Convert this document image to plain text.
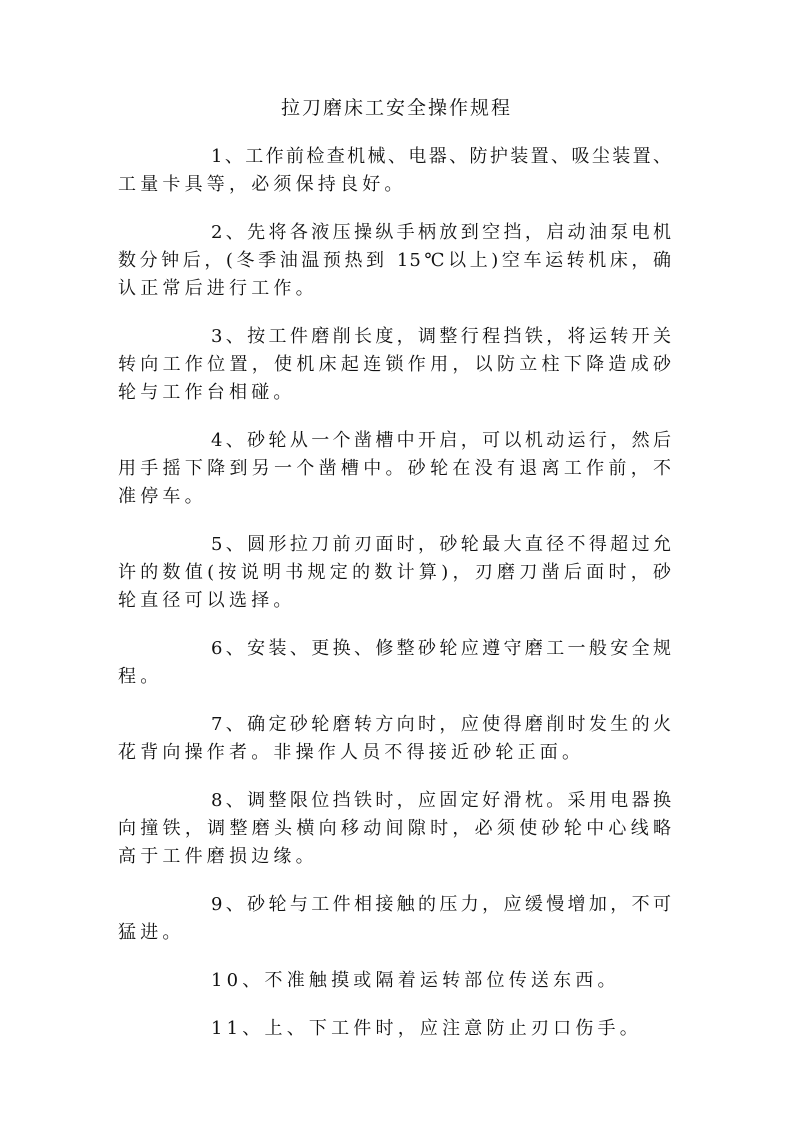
拉刀磨床工安全操作规程
1、工作前检查机械、电器、防护装置、吸尘装置、
工量卡具等，必须保持良好。
2、先将各液压操纵手柄放到空挡，启动油泵电机
数分钟后，(冬季油温预热到 15℃以上)空车运转机床，确
认正常后进行工作。
3、按工件磨削长度，调整行程挡铁，将运转开关
转向工作位置，使机床起连锁作用，以防立柱下降造成砂
轮与工作台相碰。
4、砂轮从一个凿槽中开启，可以机动运行，然后
用手摇下降到另一个凿槽中。砂轮在没有退离工作前，不
准停车。
5、圆形拉刀前刃面时，砂轮最大直径不得超过允
许的数值(按说明书规定的数计算)，刃磨刀凿后面时，砂
轮直径可以选择。
6、安装、更换、修整砂轮应遵守磨工一般安全规
程。
7、确定砂轮磨转方向时，应使得磨削时发生的火
花背向操作者。非操作人员不得接近砂轮正面。
8、调整限位挡铁时，应固定好滑枕。采用电器换
向撞铁，调整磨头横向移动间隙时，必须使砂轮中心线略
高于工件磨损边缘。
9、砂轮与工件相接触的压力，应缓慢增加，不可
猛进。
10、不准触摸或隔着运转部位传送东西。
11、上、下工件时，应注意防止刃口伤手。
